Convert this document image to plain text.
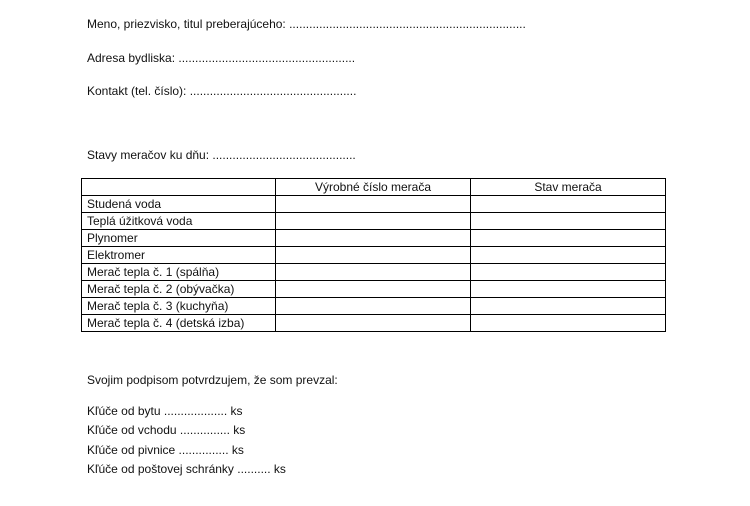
Meno, priezvisko, titul preberajúceho: .......................................................................
Adresa bydliska: .....................................................
Kontakt (tel. číslo): ..................................................
Stavy meračov ku dňu: ...........................................
	Výrobné číslo merača	Stav merača
Studená voda		
Teplá úžitková voda		
Plynomer		
Elektromer		
Merač tepla č. 1 (spálňa)		
Merač tepla č. 2 (obývačka)		
Merač tepla č. 3 (kuchyňa)		
Merač tepla č. 4 (detská izba)		
Svojim podpisom potvrdzujem, že som prevzal:
Kľúče od bytu ................... ks
Kľúče od vchodu ............... ks
Kľúče od pivnice ............... ks
Kľúče od poštovej schránky .......... ks
